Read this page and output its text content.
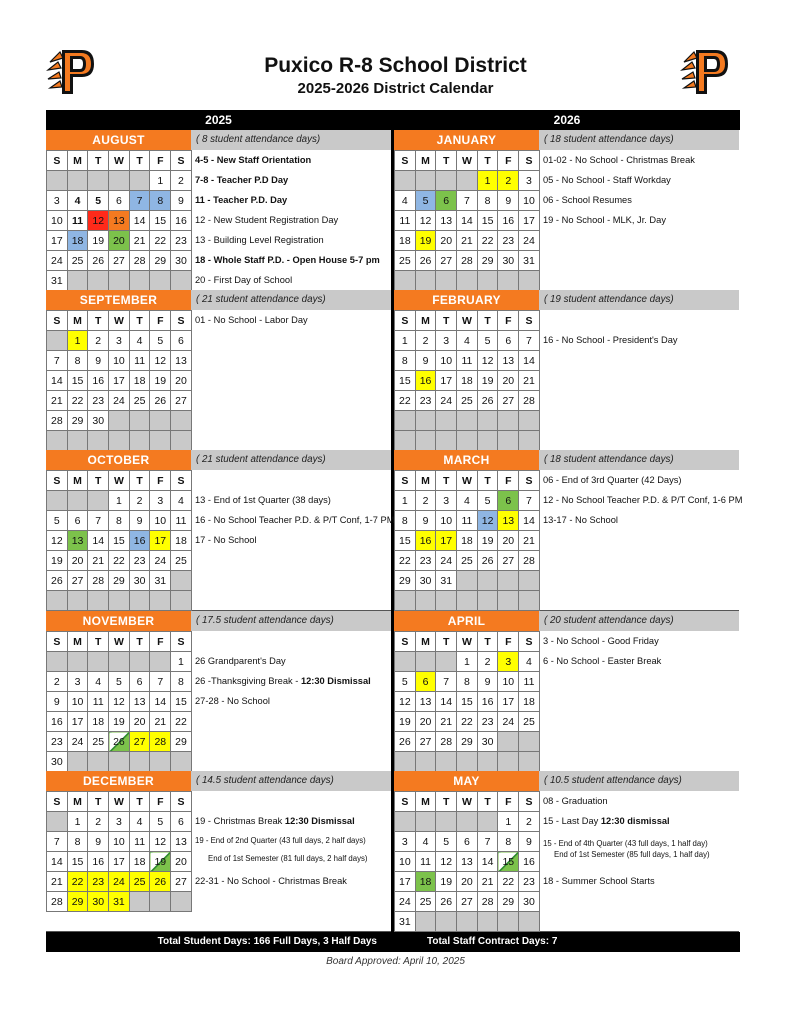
Puxico R-8 School District
2025-2026 District Calendar
2025	2026
AUGUST	( 8 student attendance days)
S	M	T	W	T	F	S
					1	2
3	4	5	6	7	8	9
10	11	12	13	14	15	16
17	18	19	20	21	22	23
24	25	26	27	28	29	30
31						
4-5 - New Staff Orientation
7-8 - Teacher P.D Day
11 - Teacher P.D. Day
12 - New Student Registration Day
13 - Building Level Registration
18 - Whole Staff P.D. - Open House 5-7 pm
20 - First Day of School
SEPTEMBER	( 21 student attendance days)
S	M	T	W	T	F	S
	1	2	3	4	5	6
7	8	9	10	11	12	13
14	15	16	17	18	19	20
21	22	23	24	25	26	27
28	29	30				

01 - No School - Labor Day
OCTOBER	( 21 student attendance days)
S	M	T	W	T	F	S
			1	2	3	4
5	6	7	8	9	10	11
12	13	14	15	16	17	18
19	20	21	22	23	24	25
26	27	28	29	30	31	

13 - End of 1st Quarter (38 days)
16 - No School Teacher P.D. & P/T Conf, 1-7 PM
17 - No School
NOVEMBER	( 17.5 student attendance days)
S	M	T	W	T	F	S
						1
2	3	4	5	6	7	8
9	10	11	12	13	14	15
16	17	18	19	20	21	22
23	24	25	26	27	28	29
30						
26 Grandparent's Day
26 -Thanksgiving Break - 12:30 Dismissal
27-28 - No School
DECEMBER	( 14.5 student attendance days)
S	M	T	W	T	F	S
	1	2	3	4	5	6
7	8	9	10	11	12	13
14	15	16	17	18	19	20
21	22	23	24	25	26	27
28	29	30	31			
19 - Christmas Break 12:30 Dismissal
19 - End of 2nd Quarter (43 full days, 2 half days)
End of 1st Semester (81 full days, 2 half days)
22-31 - No School - Christmas Break
JANUARY	( 18 student attendance days)
S	M	T	W	T	F	S
				1	2	3
4	5	6	7	8	9	10
11	12	13	14	15	16	17
18	19	20	21	22	23	24
25	26	27	28	29	30	31

01-02 - No School - Christmas Break
05 - No School - Staff Workday
06 - School Resumes
19 - No School - MLK, Jr. Day
FEBRUARY	( 19 student attendance days)
S	M	T	W	T	F	S
1	2	3	4	5	6	7
8	9	10	11	12	13	14
15	16	17	18	19	20	21
22	23	24	25	26	27	28

16 - No School - President's Day
MARCH	( 18 student attendance days)
S	M	T	W	T	F	S
1	2	3	4	5	6	7
8	9	10	11	12	13	14
15	16	17	18	19	20	21
22	23	24	25	26	27	28
29	30	31				

06 - End of 3rd Quarter (42 Days)
12 - No School Teacher P.D. & P/T Conf, 1-6 PM
13-17 - No School
APRIL	( 20 student attendance days)
S	M	T	W	T	F	S
			1	2	3	4
5	6	7	8	9	10	11
12	13	14	15	16	17	18
19	20	21	22	23	24	25
26	27	28	29	30		

3 - No School - Good Friday
6 - No School - Easter Break
MAY	( 10.5 student attendance days)
S	M	T	W	T	F	S
					1	2
3	4	5	6	7	8	9
10	11	12	13	14	15	16
17	18	19	20	21	22	23
24	25	26	27	28	29	30
31						
08 - Graduation
15 - Last Day 12:30 dismissal
15 - End of 4th Quarter (43 full days, 1 half day)
End of 1st Semester (85 full days, 1 half day)
18 - Summer School Starts
Total Student Days: 166 Full Days, 3 Half Days	Total Staff Contract Days: 7
Board Approved: April 10, 2025
